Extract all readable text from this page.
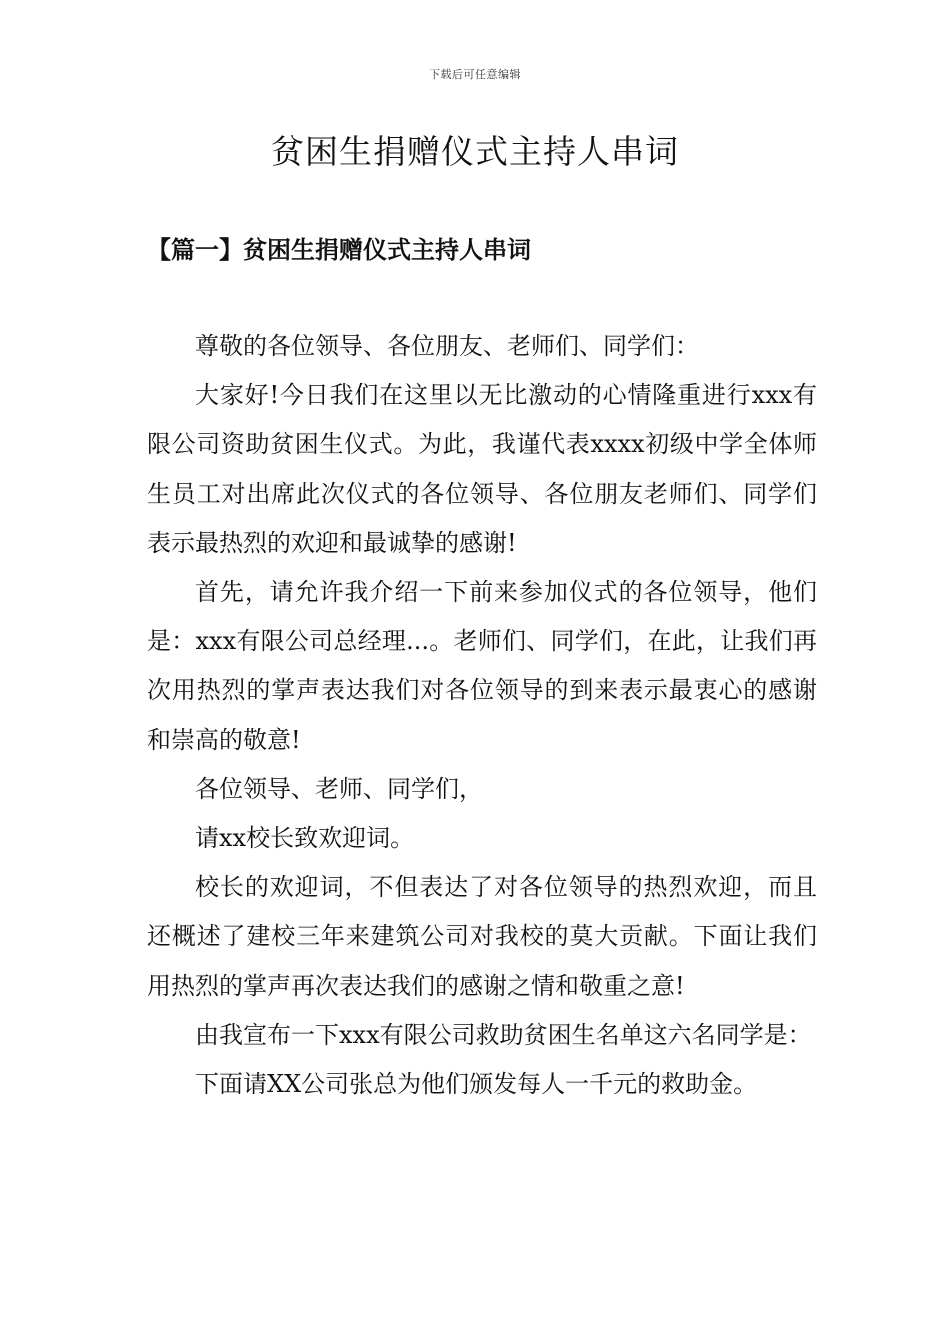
下载后可任意编辑
贫困生捐赠仪式主持人串词
【篇一】贫困生捐赠仪式主持人串词

尊敬的各位领导、各位朋友、老师们、同学们：

大家好!今日我们在这里以无比激动的心情隆重进行xxx有限公司资助贫困生仪式。为此，我谨代表xxxx初级中学全体师生员工对出席此次仪式的各位领导、各位朋友老师们、同学们表示最热烈的欢迎和最诚挚的感谢!

首先，请允许我介绍一下前来参加仪式的各位领导，他们是：xxx有限公司总经理...。老师们、同学们，在此，让我们再次用热烈的掌声表达我们对各位领导的到来表示最衷心的感谢和崇高的敬意!

各位领导、老师、同学们，

请xx校长致欢迎词。

校长的欢迎词，不但表达了对各位领导的热烈欢迎，而且还概述了建校三年来建筑公司对我校的莫大贡献。下面让我们用热烈的掌声再次表达我们的感谢之情和敬重之意!

由我宣布一下xxx有限公司救助贫困生名单这六名同学是：

下面请XX公司张总为他们颁发每人一千元的救助金。
